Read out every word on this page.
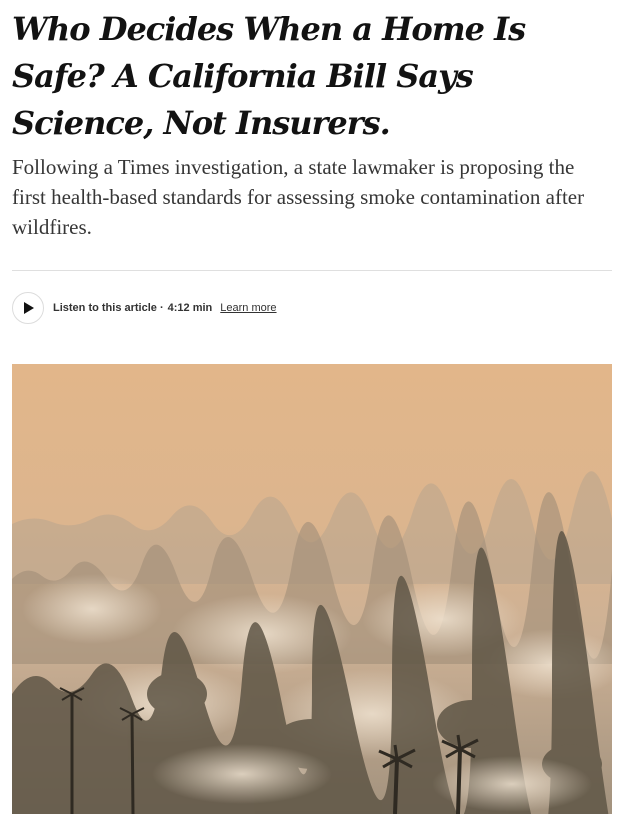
Who Decides When a Home Is Safe? A California Bill Says Science, Not Insurers.

Following a Times investigation, a state lawmaker is proposing the first health-based standards for assessing smoke contamination after wildfires.

Listen to this article · 4:12 min Learn more
